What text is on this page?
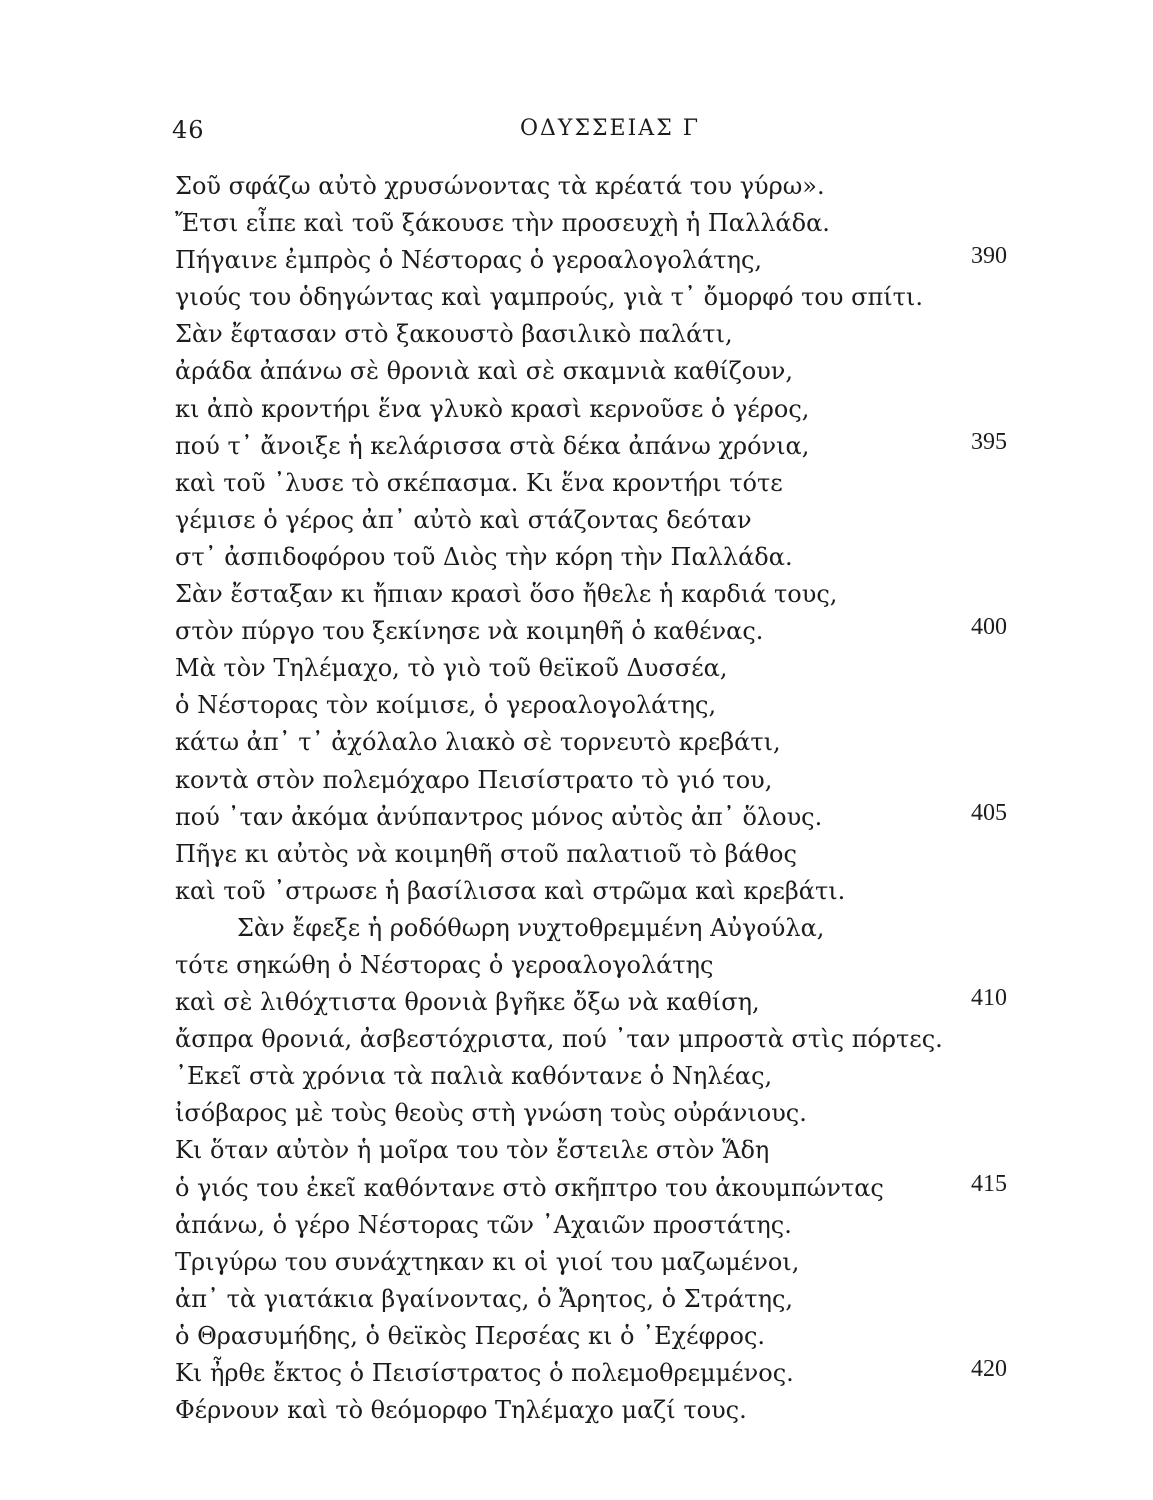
46	ΟΔΥΣΣΕΙΑΣ Γ
Σοῦ σφάζω αὐτὸ χρυσώνοντας τὰ κρέατά του γύρω».
Ἔτσι εἶπε καὶ τοῦ ξάκουσε τὴν προσευχὴ ἡ Παλλάδα.
Πήγαινε ἐμπρὸς ὁ Νέστορας ὁ γεροαλογολάτης,	390
γιούς του ὁδηγώντας καὶ γαμπρούς, γιὰ τ᾽ ὄμορφό του σπίτι.
Σὰν ἔφτασαν στὸ ξακουστὸ βασιλικὸ παλάτι,
ἀράδα ἀπάνω σὲ θρονιὰ καὶ σὲ σκαμνιὰ καθίζουν,
κι ἀπὸ κροντήρι ἕνα γλυκὸ κρασὶ κερνοῦσε ὁ γέρος,
πού τ᾽ ἄνοιξε ἡ κελάρισσα στὰ δέκα ἀπάνω χρόνια,	395
καὶ τοῦ ᾽λυσε τὸ σκέπασμα. Κι ἕνα κροντήρι τότε
γέμισε ὁ γέρος ἀπ᾽ αὐτὸ καὶ στάζοντας δεόταν
στ᾽ ἀσπιδοφόρου τοῦ Διὸς τὴν κόρη τὴν Παλλάδα.
Σὰν ἔσταξαν κι ἤπιαν κρασὶ ὅσο ἤθελε ἡ καρδιά τους,
στὸν πύργο του ξεκίνησε νὰ κοιμηθῆ ὁ καθένας.	400
Μὰ τὸν Τηλέμαχο, τὸ γιὸ τοῦ θεϊκοῦ Δυσσέα,
ὁ Νέστορας τὸν κοίμισε, ὁ γεροαλογολάτης,
κάτω ἀπ᾽ τ᾽ ἀχόλαλο λιακὸ σὲ τορνευτὸ κρεβάτι,
κοντὰ στὸν πολεμόχαρο Πεισίστρατο τὸ γιό του,
πού ᾽ταν ἀκόμα ἀνύπαντρος μόνος αὐτὸς ἀπ᾽ ὅλους.	405
Πῆγε κι αὐτὸς νὰ κοιμηθῆ στοῦ παλατιοῦ τὸ βάθος
καὶ τοῦ ᾽στρωσε ἡ βασίλισσα καὶ στρῶμα καὶ κρεβάτι.
Σὰν ἔφεξε ἡ ροδόθωρη νυχτοθρεμμένη Αὐγούλα,
τότε σηκώθη ὁ Νέστορας ὁ γεροαλογολάτης
καὶ σὲ λιθόχτιστα θρονιὰ βγῆκε ὄξω νὰ καθίση,	410
ἄσπρα θρονιά, ἀσβεστόχριστα, πού ᾽ταν μπροστὰ στὶς πόρτες.
᾽Εκεῖ στὰ χρόνια τὰ παλιὰ καθόντανε ὁ Νηλέας,
ἰσόβαρος μὲ τοὺς θεοὺς στὴ γνώση τοὺς οὐράνιους.
Κι ὅταν αὐτὸν ἡ μοῖρα του τὸν ἔστειλε στὸν Ἅδη
ὁ γιός του ἐκεῖ καθόντανε στὸ σκῆπτρο του ἀκουμπώντας	415
ἀπάνω, ὁ γέρο Νέστορας τῶν ᾽Αχαιῶν προστάτης.
Τριγύρω του συνάχτηκαν κι οἱ γιοί του μαζωμένοι,
ἀπ᾽ τὰ γιατάκια βγαίνοντας, ὁ Ἄρητος, ὁ Στράτης,
ὁ Θρασυμήδης, ὁ θεϊκὸς Περσέας κι ὁ ᾽Εχέφρος.
Κι ἦρθε ἔκτος ὁ Πεισίστρατος ὁ πολεμοθρεμμένος.	420
Φέρνουν καὶ τὸ θεόμορφο Τηλέμαχο μαζί τους.
